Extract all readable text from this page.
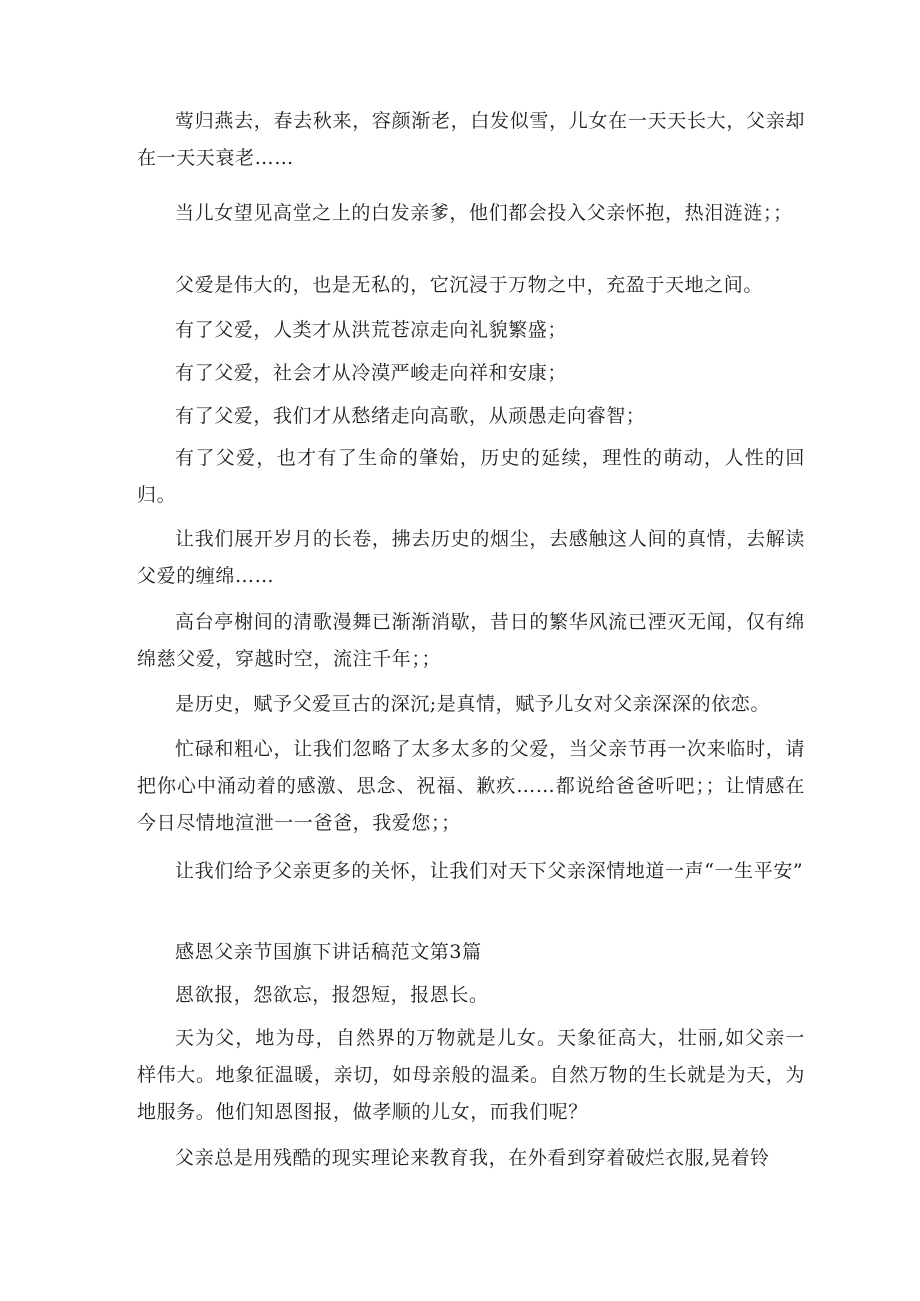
莺归燕去，春去秋来，容颜渐老，白发似雪，儿女在一天天长大，父亲却在一天天衰老……

当儿女望见高堂之上的白发亲爹，他们都会投入父亲怀抱，热泪涟涟；；

父爱是伟大的，也是无私的，它沉浸于万物之中，充盈于天地之间。

有了父爱，人类才从洪荒苍凉走向礼貌繁盛；

有了父爱，社会才从冷漠严峻走向祥和安康；

有了父爱，我们才从愁绪走向高歌，从顽愚走向睿智；

有了父爱，也才有了生命的肇始，历史的延续，理性的萌动，人性的回归。

让我们展开岁月的长卷，拂去历史的烟尘，去感触这人间的真情，去解读父爱的缠绵……

高台亭榭间的清歌漫舞已渐渐消歇，昔日的繁华风流已湮灭无闻，仅有绵绵慈父爱，穿越时空，流注千年；；

是历史，赋予父爱亘古的深沉;是真情，赋予儿女对父亲深深的依恋。

忙碌和粗心，让我们忽略了太多太多的父爱，当父亲节再一次来临时，请把你心中涌动着的感激、思念、祝福、歉疚……都说给爸爸听吧；；让情感在今日尽情地渲泄一一爸爸，我爱您；；

让我们给予父亲更多的关怀，让我们对天下父亲深情地道一声“一生平安”

感恩父亲节国旗下讲话稿范文第3篇

恩欲报，怨欲忘，报怨短，报恩长。

天为父，地为母，自然界的万物就是儿女。天象征高大，壮丽,如父亲一样伟大。地象征温暖，亲切，如母亲般的温柔。自然万物的生长就是为天，为地服务。他们知恩图报，做孝顺的儿女，而我们呢？

父亲总是用残酷的现实理论来教育我，在外看到穿着破烂衣服,晃着铃
